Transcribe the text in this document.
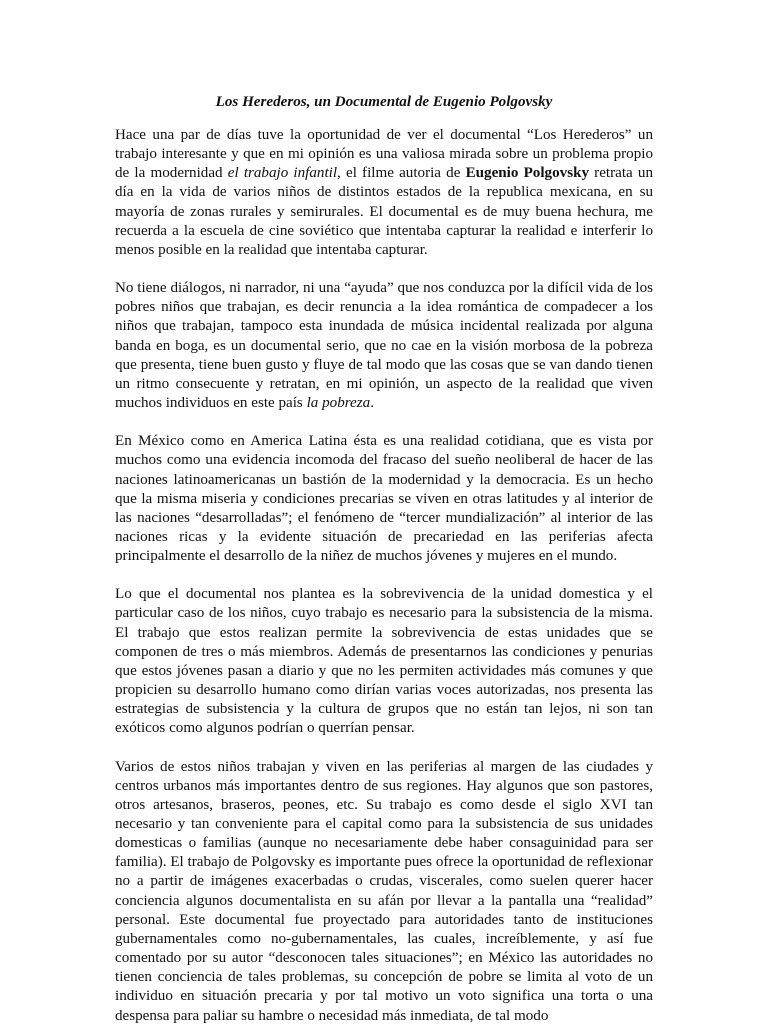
Los Herederos, un Documental de Eugenio Polgovsky

Hace una par de días tuve la oportunidad de ver el documental “Los Herederos” un trabajo interesante y que en mi opinión es una valiosa mirada sobre un problema propio de la modernidad el trabajo infantil, el filme autoria de Eugenio Polgovsky retrata un día en la vida de varios niños de distintos estados de la republica mexicana, en su mayoría de zonas rurales y semirurales. El documental es de muy buena hechura, me recuerda a la escuela de cine soviético que intentaba capturar la realidad e interferir lo menos posible en la realidad que intentaba capturar.

No tiene diálogos, ni narrador, ni una “ayuda” que nos conduzca por la difícil vida de los pobres niños que trabajan, es decir renuncia a la idea romántica de compadecer a los niños que trabajan, tampoco esta inundada de música incidental realizada por alguna banda en boga, es un documental serio, que no cae en la visión morbosa de la pobreza que presenta, tiene buen gusto y fluye de tal modo que las cosas que se van dando tienen un ritmo consecuente y retratan, en mi opinión, un aspecto de la realidad que viven muchos individuos en este país la pobreza.

En México como en America Latina ésta es una realidad cotidiana, que es vista por muchos como una evidencia incomoda del fracaso del sueño neoliberal de hacer de las naciones latinoamericanas un bastión de la modernidad y la democracia. Es un hecho que la misma miseria y condiciones precarias se viven en otras latitudes y al interior de las naciones “desarrolladas”; el fenómeno de “tercer mundialización” al interior de las naciones ricas y la evidente situación de precariedad en las periferias afecta principalmente el desarrollo de la niñez de muchos jóvenes y mujeres en el mundo.

Lo que el documental nos plantea es la sobrevivencia de la unidad domestica y el particular caso de los niños, cuyo trabajo es necesario para la subsistencia de la misma. El trabajo que estos realizan permite la sobrevivencia de estas unidades que se componen de tres o más miembros. Además de presentarnos las condiciones y penurias que estos jóvenes pasan a diario y que no les permiten actividades más comunes y que propicien su desarrollo humano como dirían varias voces autorizadas, nos presenta las estrategias de subsistencia y la cultura de grupos que no están tan lejos, ni son tan exóticos como algunos podrían o querrían pensar.

Varios de estos niños trabajan y viven en las periferias al margen de las ciudades y centros urbanos más importantes dentro de sus regiones. Hay algunos que son pastores, otros artesanos, braseros, peones, etc. Su trabajo es como desde el siglo XVI tan necesario y tan conveniente para el capital como para la subsistencia de sus unidades domesticas o familias (aunque no necesariamente debe haber consaguinidad para ser familia). El trabajo de Polgovsky es importante pues ofrece la oportunidad de reflexionar no a partir de imágenes exacerbadas o crudas, viscerales, como suelen querer hacer conciencia algunos documentalista en su afán por llevar a la pantalla una “realidad” personal. Este documental fue proyectado para autoridades tanto de instituciones gubernamentales como no-gubernamentales, las cuales, increíblemente, y así fue comentado por su autor “desconocen tales situaciones”; en México las autoridades no tienen conciencia de tales problemas, su concepción de pobre se limita al voto de un individuo en situación precaria y por tal motivo un voto significa una torta o una despensa para paliar su hambre o necesidad más inmediata, de tal modo
